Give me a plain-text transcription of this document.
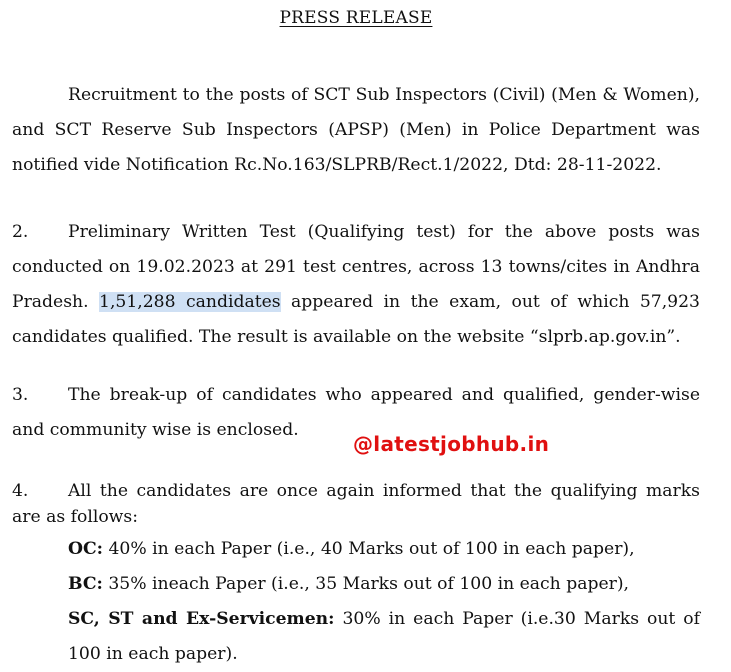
PRESS RELEASE
Recruitment to the posts of SCT Sub Inspectors (Civil) (Men & Women), and SCT Reserve Sub Inspectors (APSP) (Men) in Police Department was notified vide Notification Rc.No.163/SLPRB/Rect.1/2022, Dtd: 28-11-2022.
2. Preliminary Written Test (Qualifying test) for the above posts was conducted on 19.02.2023 at 291 test centres, across 13 towns/cites in Andhra Pradesh. 1,51,288 candidates appeared in the exam, out of which 57,923 candidates qualified. The result is available on the website “slprb.ap.gov.in”.
3. The break-up of candidates who appeared and qualified, gender-wise and community wise is enclosed.
@latestjobhub.in
4. All the candidates are once again informed that the qualifying marks are as follows:
OC: 40% in each Paper (i.e., 40 Marks out of 100 in each paper),
BC: 35% ineach Paper (i.e., 35 Marks out of 100 in each paper),
SC, ST and Ex-Servicemen: 30% in each Paper (i.e.30 Marks out of 100 in each paper).
